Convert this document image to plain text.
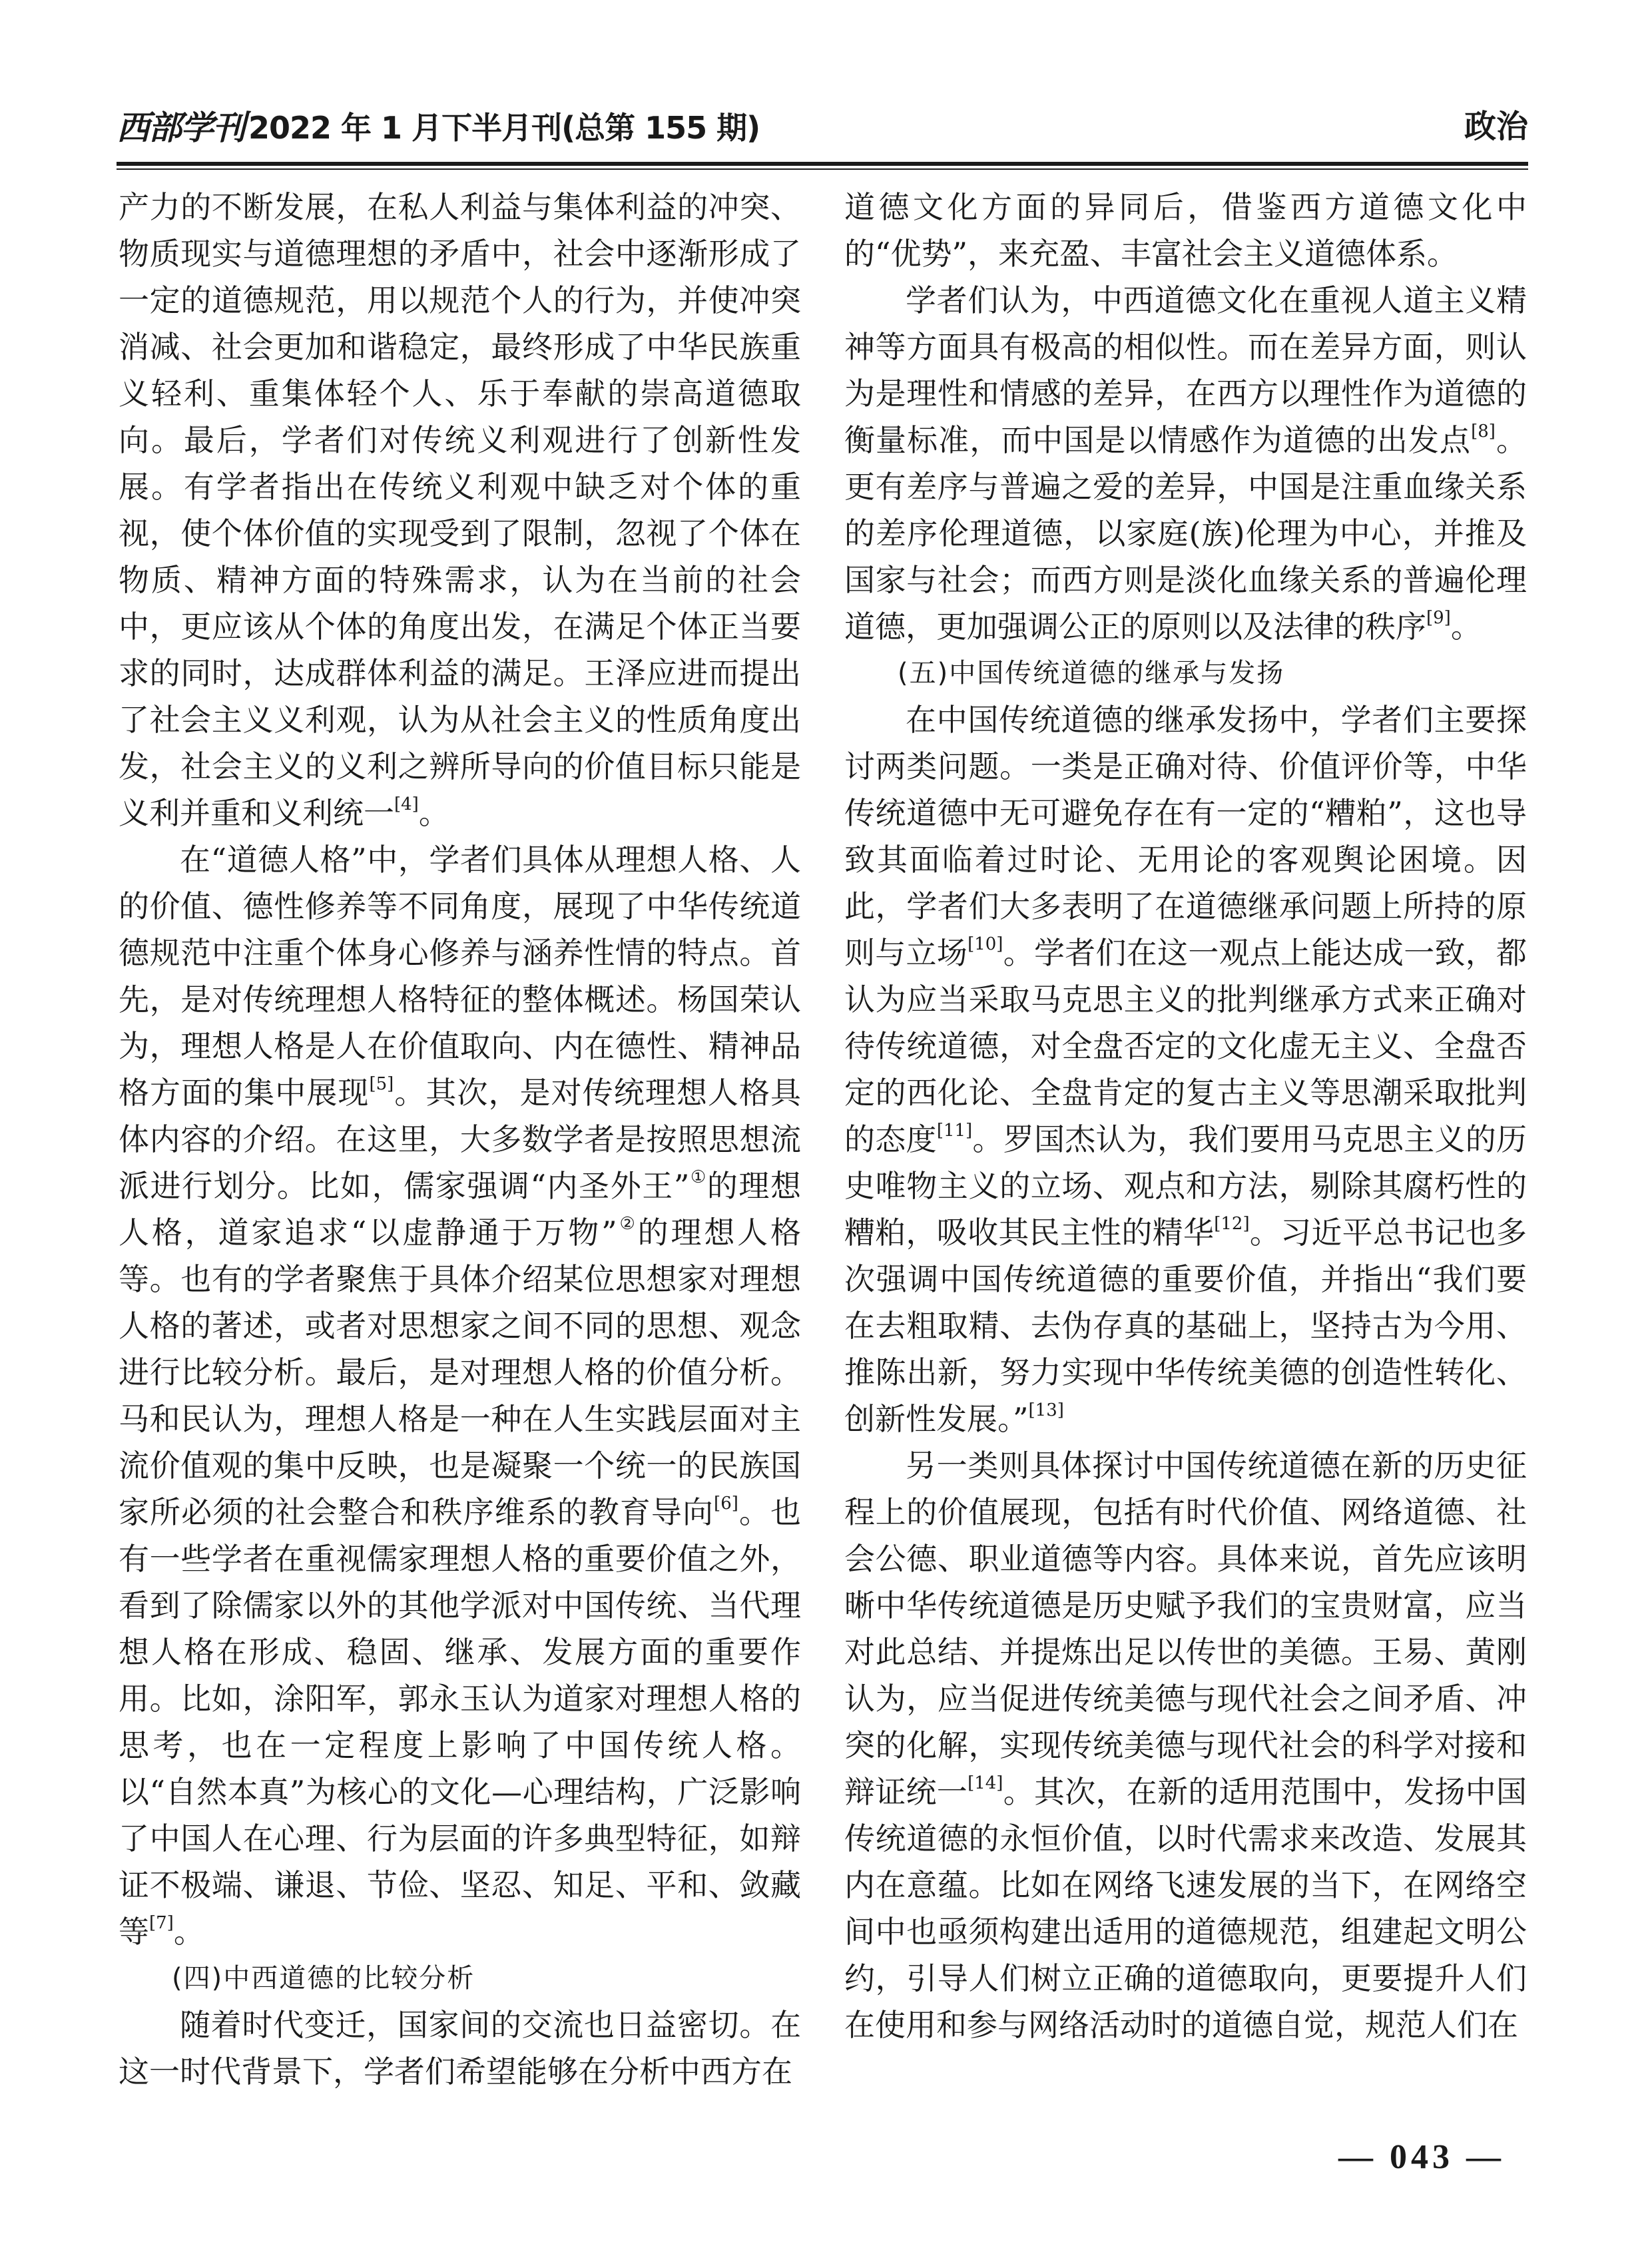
西部学刊 2022 年 1 月下半月刊(总第 155 期)	政治

产力的不断发展，在私人利益与集体利益的冲突、物质现实与道德理想的矛盾中，社会中逐渐形成了一定的道德规范，用以规范个人的行为，并使冲突消减、社会更加和谐稳定，最终形成了中华民族重义轻利、重集体轻个人、乐于奉献的崇高道德取向。最后，学者们对传统义利观进行了创新性发展。有学者指出在传统义利观中缺乏对个体的重视，使个体价值的实现受到了限制，忽视了个体在物质、精神方面的特殊需求，认为在当前的社会中，更应该从个体的角度出发，在满足个体正当要求的同时，达成群体利益的满足。王泽应进而提出了社会主义义利观，认为从社会主义的性质角度出发，社会主义的义利之辨所导向的价值目标只能是义利并重和义利统一[4]。

在“道德人格”中，学者们具体从理想人格、人的价值、德性修养等不同角度，展现了中华传统道德规范中注重个体身心修养与涵养性情的特点。首先，是对传统理想人格特征的整体概述。杨国荣认为，理想人格是人在价值取向、内在德性、精神品格方面的集中展现[5]。其次，是对传统理想人格具体内容的介绍。在这里，大多数学者是按照思想流派进行划分。比如，儒家强调“内圣外王”①的理想人格，道家追求“以虚静通于万物”②的理想人格等。也有的学者聚焦于具体介绍某位思想家对理想人格的著述，或者对思想家之间不同的思想、观念进行比较分析。最后，是对理想人格的价值分析。马和民认为，理想人格是一种在人生实践层面对主流价值观的集中反映，也是凝聚一个统一的民族国家所必须的社会整合和秩序维系的教育导向[6]。也有一些学者在重视儒家理想人格的重要价值之外，看到了除儒家以外的其他学派对中国传统、当代理想人格在形成、稳固、继承、发展方面的重要作用。比如，涂阳军，郭永玉认为道家对理想人格的思考，也在一定程度上影响了中国传统人格。以“自然本真”为核心的文化—心理结构，广泛影响了中国人在心理、行为层面的许多典型特征，如辩证不极端、谦退、节俭、坚忍、知足、平和、敛藏等[7]。

(四)中西道德的比较分析

随着时代变迁，国家间的交流也日益密切。在这一时代背景下，学者们希望能够在分析中西方在

道德文化方面的异同后，借鉴西方道德文化中的“优势”，来充盈、丰富社会主义道德体系。

学者们认为，中西道德文化在重视人道主义精神等方面具有极高的相似性。而在差异方面，则认为是理性和情感的差异，在西方以理性作为道德的衡量标准，而中国是以情感作为道德的出发点[8]。更有差序与普遍之爱的差异，中国是注重血缘关系的差序伦理道德，以家庭(族)伦理为中心，并推及国家与社会；而西方则是淡化血缘关系的普遍伦理道德，更加强调公正的原则以及法律的秩序[9]。

(五)中国传统道德的继承与发扬

在中国传统道德的继承发扬中，学者们主要探讨两类问题。一类是正确对待、价值评价等，中华传统道德中无可避免存在有一定的“糟粕”，这也导致其面临着过时论、无用论的客观舆论困境。因此，学者们大多表明了在道德继承问题上所持的原则与立场[10]。学者们在这一观点上能达成一致，都认为应当采取马克思主义的批判继承方式来正确对待传统道德，对全盘否定的文化虚无主义、全盘否定的西化论、全盘肯定的复古主义等思潮采取批判的态度[11]。罗国杰认为，我们要用马克思主义的历史唯物主义的立场、观点和方法，剔除其腐朽性的糟粕，吸收其民主性的精华[12]。习近平总书记也多次强调中国传统道德的重要价值，并指出“我们要在去粗取精、去伪存真的基础上，坚持古为今用、推陈出新，努力实现中华传统美德的创造性转化、创新性发展。”[13]

另一类则具体探讨中国传统道德在新的历史征程上的价值展现，包括有时代价值、网络道德、社会公德、职业道德等内容。具体来说，首先应该明晰中华传统道德是历史赋予我们的宝贵财富，应当对此总结、并提炼出足以传世的美德。王易、黄刚认为，应当促进传统美德与现代社会之间矛盾、冲突的化解，实现传统美德与现代社会的科学对接和辩证统一[14]。其次，在新的适用范围中，发扬中国传统道德的永恒价值，以时代需求来改造、发展其内在意蕴。比如在网络飞速发展的当下，在网络空间中也亟须构建出适用的道德规范，组建起文明公约，引导人们树立正确的道德取向，更要提升人们在使用和参与网络活动时的道德自觉，规范人们在

— 043 —
